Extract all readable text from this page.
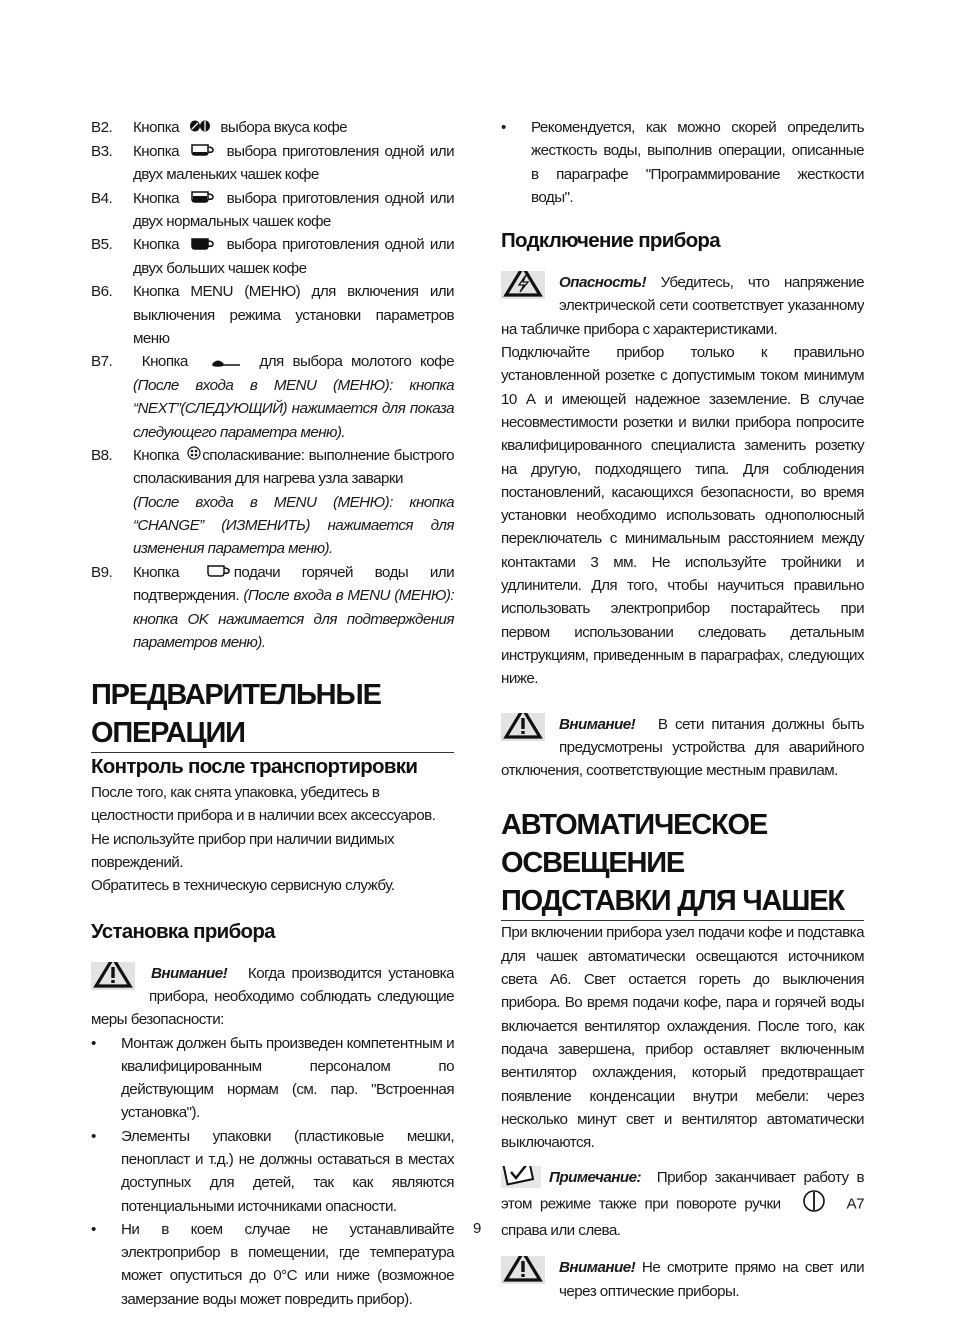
B2.	Кнопка	выбора вкуса кофе
B3.	Кнопка	выбора приготовления одной или двух маленьких чашек кофе
B4.	Кнопка	выбора приготовления одной или двух нормальных чашек кофе
B5.	Кнопка	выбора приготовления одной или двух больших чашек кофе
B6.	Кнопка MENU (МЕНЮ) для включения или выключения режима установки параметров меню
B7.	Кнопка	для выбора молотого кофе (После входа в MENU (МЕНЮ): кнопка “NEXT”(СЛЕДУЮЩИЙ) нажимается для показа следующего параметра меню).
B8.	Кнопка споласкивание: выполнение быстрого споласкивания для нагрева узла заварки
(После входа в MENU (МЕНЮ): кнопка “CHANGE” (ИЗМЕНИТЬ) нажимается для изменения параметра меню).
B9.	Кнопка	подачи горячей воды или подтверждения. (После входа в MENU (МЕНЮ): кнопка OK нажимается для подтверждения параметров меню).
ПРЕДВАРИТЕЛЬНЫЕ ОПЕРАЦИИ
Контроль после транспортировки
После того, как снята упаковка, убедитесь в целостности прибора и в наличии всех аксессуаров. Не используйте прибор при наличии видимых повреждений.
Обратитесь в техническую сервисную службу.
Установка прибора
Внимание! Когда производится установка прибора, необходимо соблюдать следующие меры безопасности:
•	Монтаж должен быть произведен компетентным и квалифицированным персоналом по действующим нормам (см. пар. "Встроенная установка").
•	Элементы упаковки (пластиковые мешки, пенопласт и т.д.) не должны оставаться в местах доступных для детей, так как являются потенциальными источниками опасности.
•	Ни в коем случае не устанавливайте электроприбор в помещении, где температура может опуститься до 0°C или ниже (возможное замерзание воды может повредить прибор).
•	Рекомендуется, как можно скорей определить жесткость воды, выполнив операции, описанные в параграфе "Программирование жесткости воды".
Подключение прибора
Опасность! Убедитесь, что напряжение электрической сети соответствует указанному на табличке прибора с характеристиками.
Подключайте прибор только к правильно установленной розетке с допустимым током минимум 10 А и имеющей надежное заземление. В случае несовместимости розетки и вилки прибора попросите квалифицированного специалиста заменить розетку на другую, подходящего типа. Для соблюдения постановлений, касающихся безопасности, во время установки необходимо использовать однополюсный переключатель с минимальным расстоянием между контактами 3 мм. Не используйте тройники и удлинители. Для того, чтобы научиться правильно использовать электроприбор постарайтесь при первом использовании следовать детальным инструкциям, приведенным в параграфах, следующих ниже.
Внимание! В сети питания должны быть предусмотрены устройства для аварийного отключения, соответствующие местным правилам.
АВТОМАТИЧЕСКОЕ ОСВЕЩЕНИЕ
ПОДСТАВКИ ДЛЯ ЧАШЕК
При включении прибора узел подачи кофе и подставка для чашек автоматически освещаются источником света A6. Свет остается гореть до выключения прибора. Во время подачи кофе, пара и горячей воды включается вентилятор охлаждения. После того, как подача завершена, прибор оставляет включенным вентилятор охлаждения, который предотвращает появление конденсации внутри мебели: через несколько минут свет и вентилятор автоматически выключаются.
Примечание: Прибор заканчивает работу в этом режиме также при повороте ручки	A7 справа или слева.
Внимание! Не смотрите прямо на свет или через оптические приборы.
9
